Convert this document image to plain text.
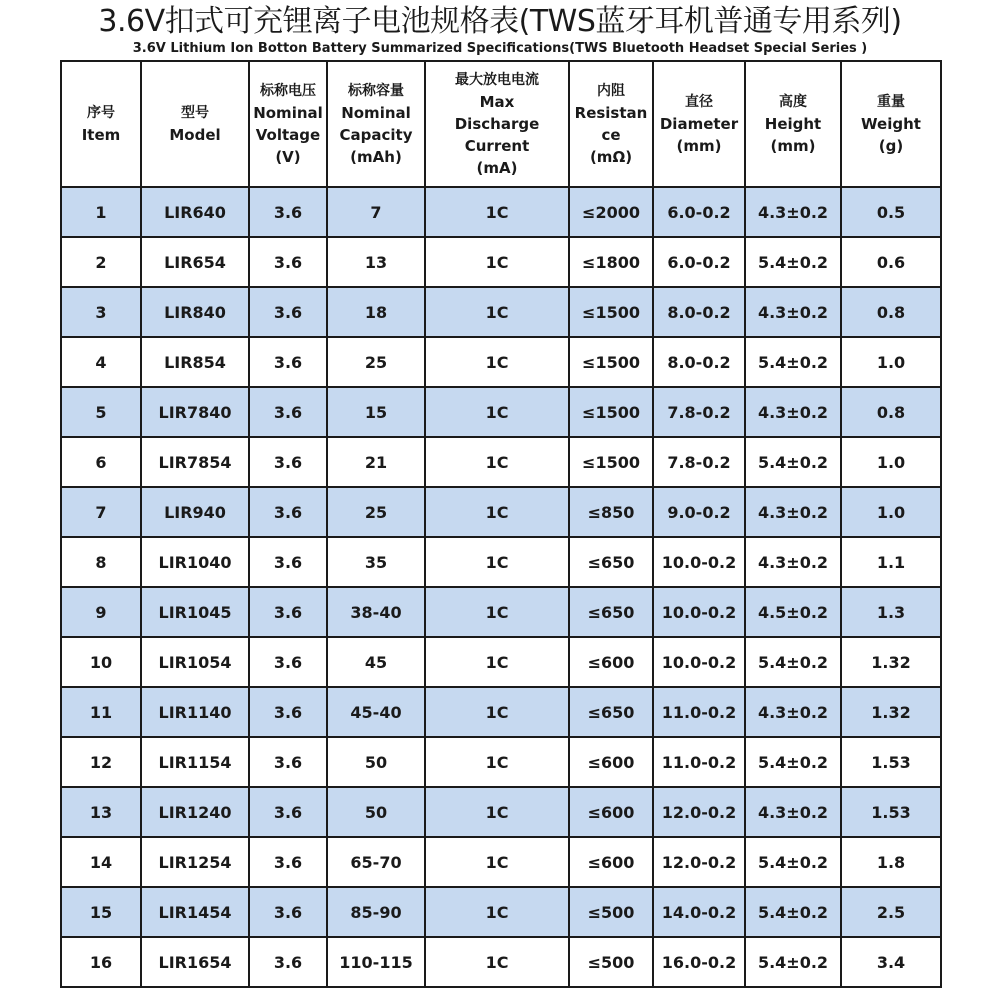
3.6V扣式可充锂离子电池规格表(TWS蓝牙耳机普通专用系列)
3.6V Lithium Ion Botton Battery Summarized Specifications(TWS Bluetooth Headset Special Series )
序号
Item	型号
Model	标称电压
Nominal
Voltage
(V)	标称容量
Nominal
Capacity
(mAh)	最大放电电流
Max
Discharge
Current
(mA)	内阻
Resistan
ce
(mΩ)	直径
Diameter
(mm)	高度
Height
(mm)	重量
Weight
(g)

1	LIR640	3.6	7	1C	≤2000	6.0-0.2	4.3±0.2	0.5
2	LIR654	3.6	13	1C	≤1800	6.0-0.2	5.4±0.2	0.6
3	LIR840	3.6	18	1C	≤1500	8.0-0.2	4.3±0.2	0.8
4	LIR854	3.6	25	1C	≤1500	8.0-0.2	5.4±0.2	1.0
5	LIR7840	3.6	15	1C	≤1500	7.8-0.2	4.3±0.2	0.8
6	LIR7854	3.6	21	1C	≤1500	7.8-0.2	5.4±0.2	1.0
7	LIR940	3.6	25	1C	≤850	9.0-0.2	4.3±0.2	1.0
8	LIR1040	3.6	35	1C	≤650	10.0-0.2	4.3±0.2	1.1
9	LIR1045	3.6	38-40	1C	≤650	10.0-0.2	4.5±0.2	1.3
10	LIR1054	3.6	45	1C	≤600	10.0-0.2	5.4±0.2	1.32
11	LIR1140	3.6	45-40	1C	≤650	11.0-0.2	4.3±0.2	1.32
12	LIR1154	3.6	50	1C	≤600	11.0-0.2	5.4±0.2	1.53
13	LIR1240	3.6	50	1C	≤600	12.0-0.2	4.3±0.2	1.53
14	LIR1254	3.6	65-70	1C	≤600	12.0-0.2	5.4±0.2	1.8
15	LIR1454	3.6	85-90	1C	≤500	14.0-0.2	5.4±0.2	2.5
16	LIR1654	3.6	110-115	1C	≤500	16.0-0.2	5.4±0.2	3.4
